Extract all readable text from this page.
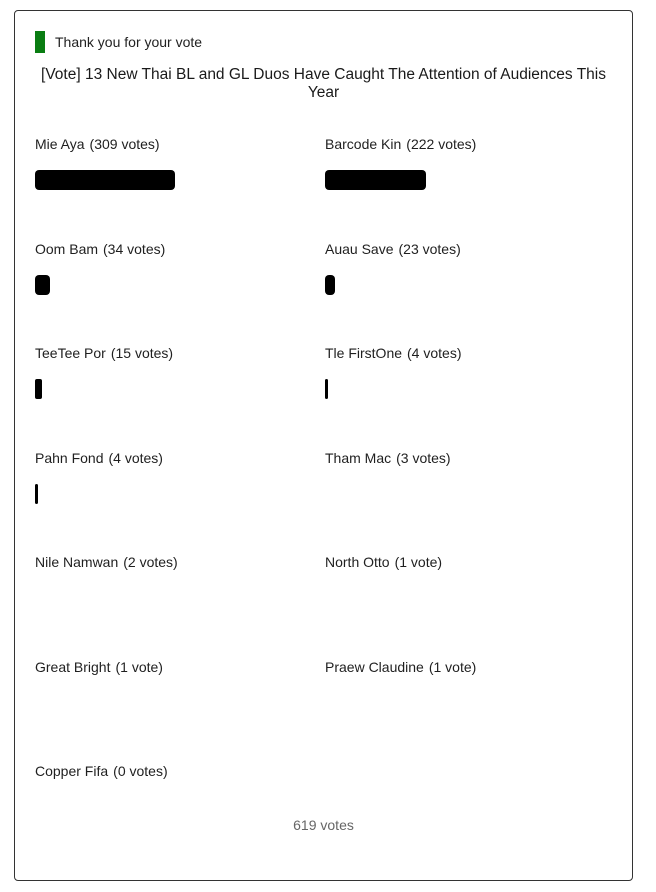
Thank you for your vote
[Vote] 13 New Thai BL and GL Duos Have Caught The Attention of Audiences This Year
Mie Aya (309 votes)	Barcode Kin (222 votes)
Oom Bam (34 votes)	Auau Save (23 votes)
TeeTee Por (15 votes)	Tle FirstOne (4 votes)
Pahn Fond (4 votes)	Tham Mac (3 votes)
Nile Namwan (2 votes)	North Otto (1 vote)
Great Bright (1 vote)	Praew Claudine (1 vote)
Copper Fifa (0 votes)
619 votes
